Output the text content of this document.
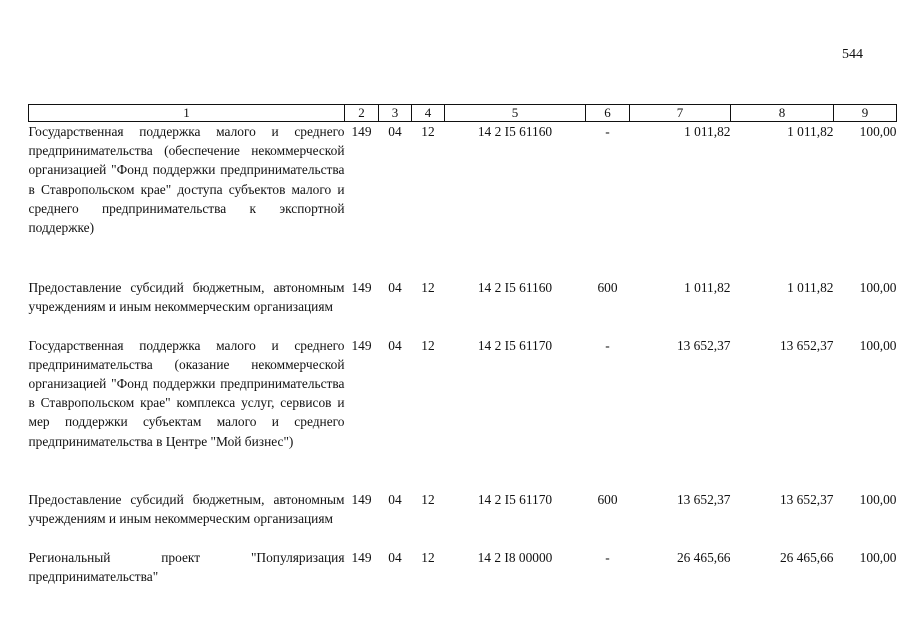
544
1	2	3	4	5	6	7	8	9
Государственная поддержка малого и среднего предпринимательства (обеспечение некоммерческой организацией "Фонд поддержки предпринимательства в Ставропольском крае" доступа субъектов малого и среднего предпринимательства к экспортной поддержке)	149	04	12	14 2 I5 61160	-	1 011,82	1 011,82	100,00
Предоставление субсидий бюджетным, автономным учреждениям и иным некоммерческим организациям	149	04	12	14 2 I5 61160	600	1 011,82	1 011,82	100,00
Государственная поддержка малого и среднего предпринимательства (оказание некоммерческой организацией "Фонд поддержки предпринимательства в Ставропольском крае" комплекса услуг, сервисов и мер поддержки субъектам малого и среднего предпринимательства в Центре "Мой бизнес")	149	04	12	14 2 I5 61170	-	13 652,37	13 652,37	100,00
Предоставление субсидий бюджетным, автономным учреждениям и иным некоммерческим организациям	149	04	12	14 2 I5 61170	600	13 652,37	13 652,37	100,00
Региональный проект "Популяризация предпринимательства"	149	04	12	14 2 I8 00000	-	26 465,66	26 465,66	100,00
